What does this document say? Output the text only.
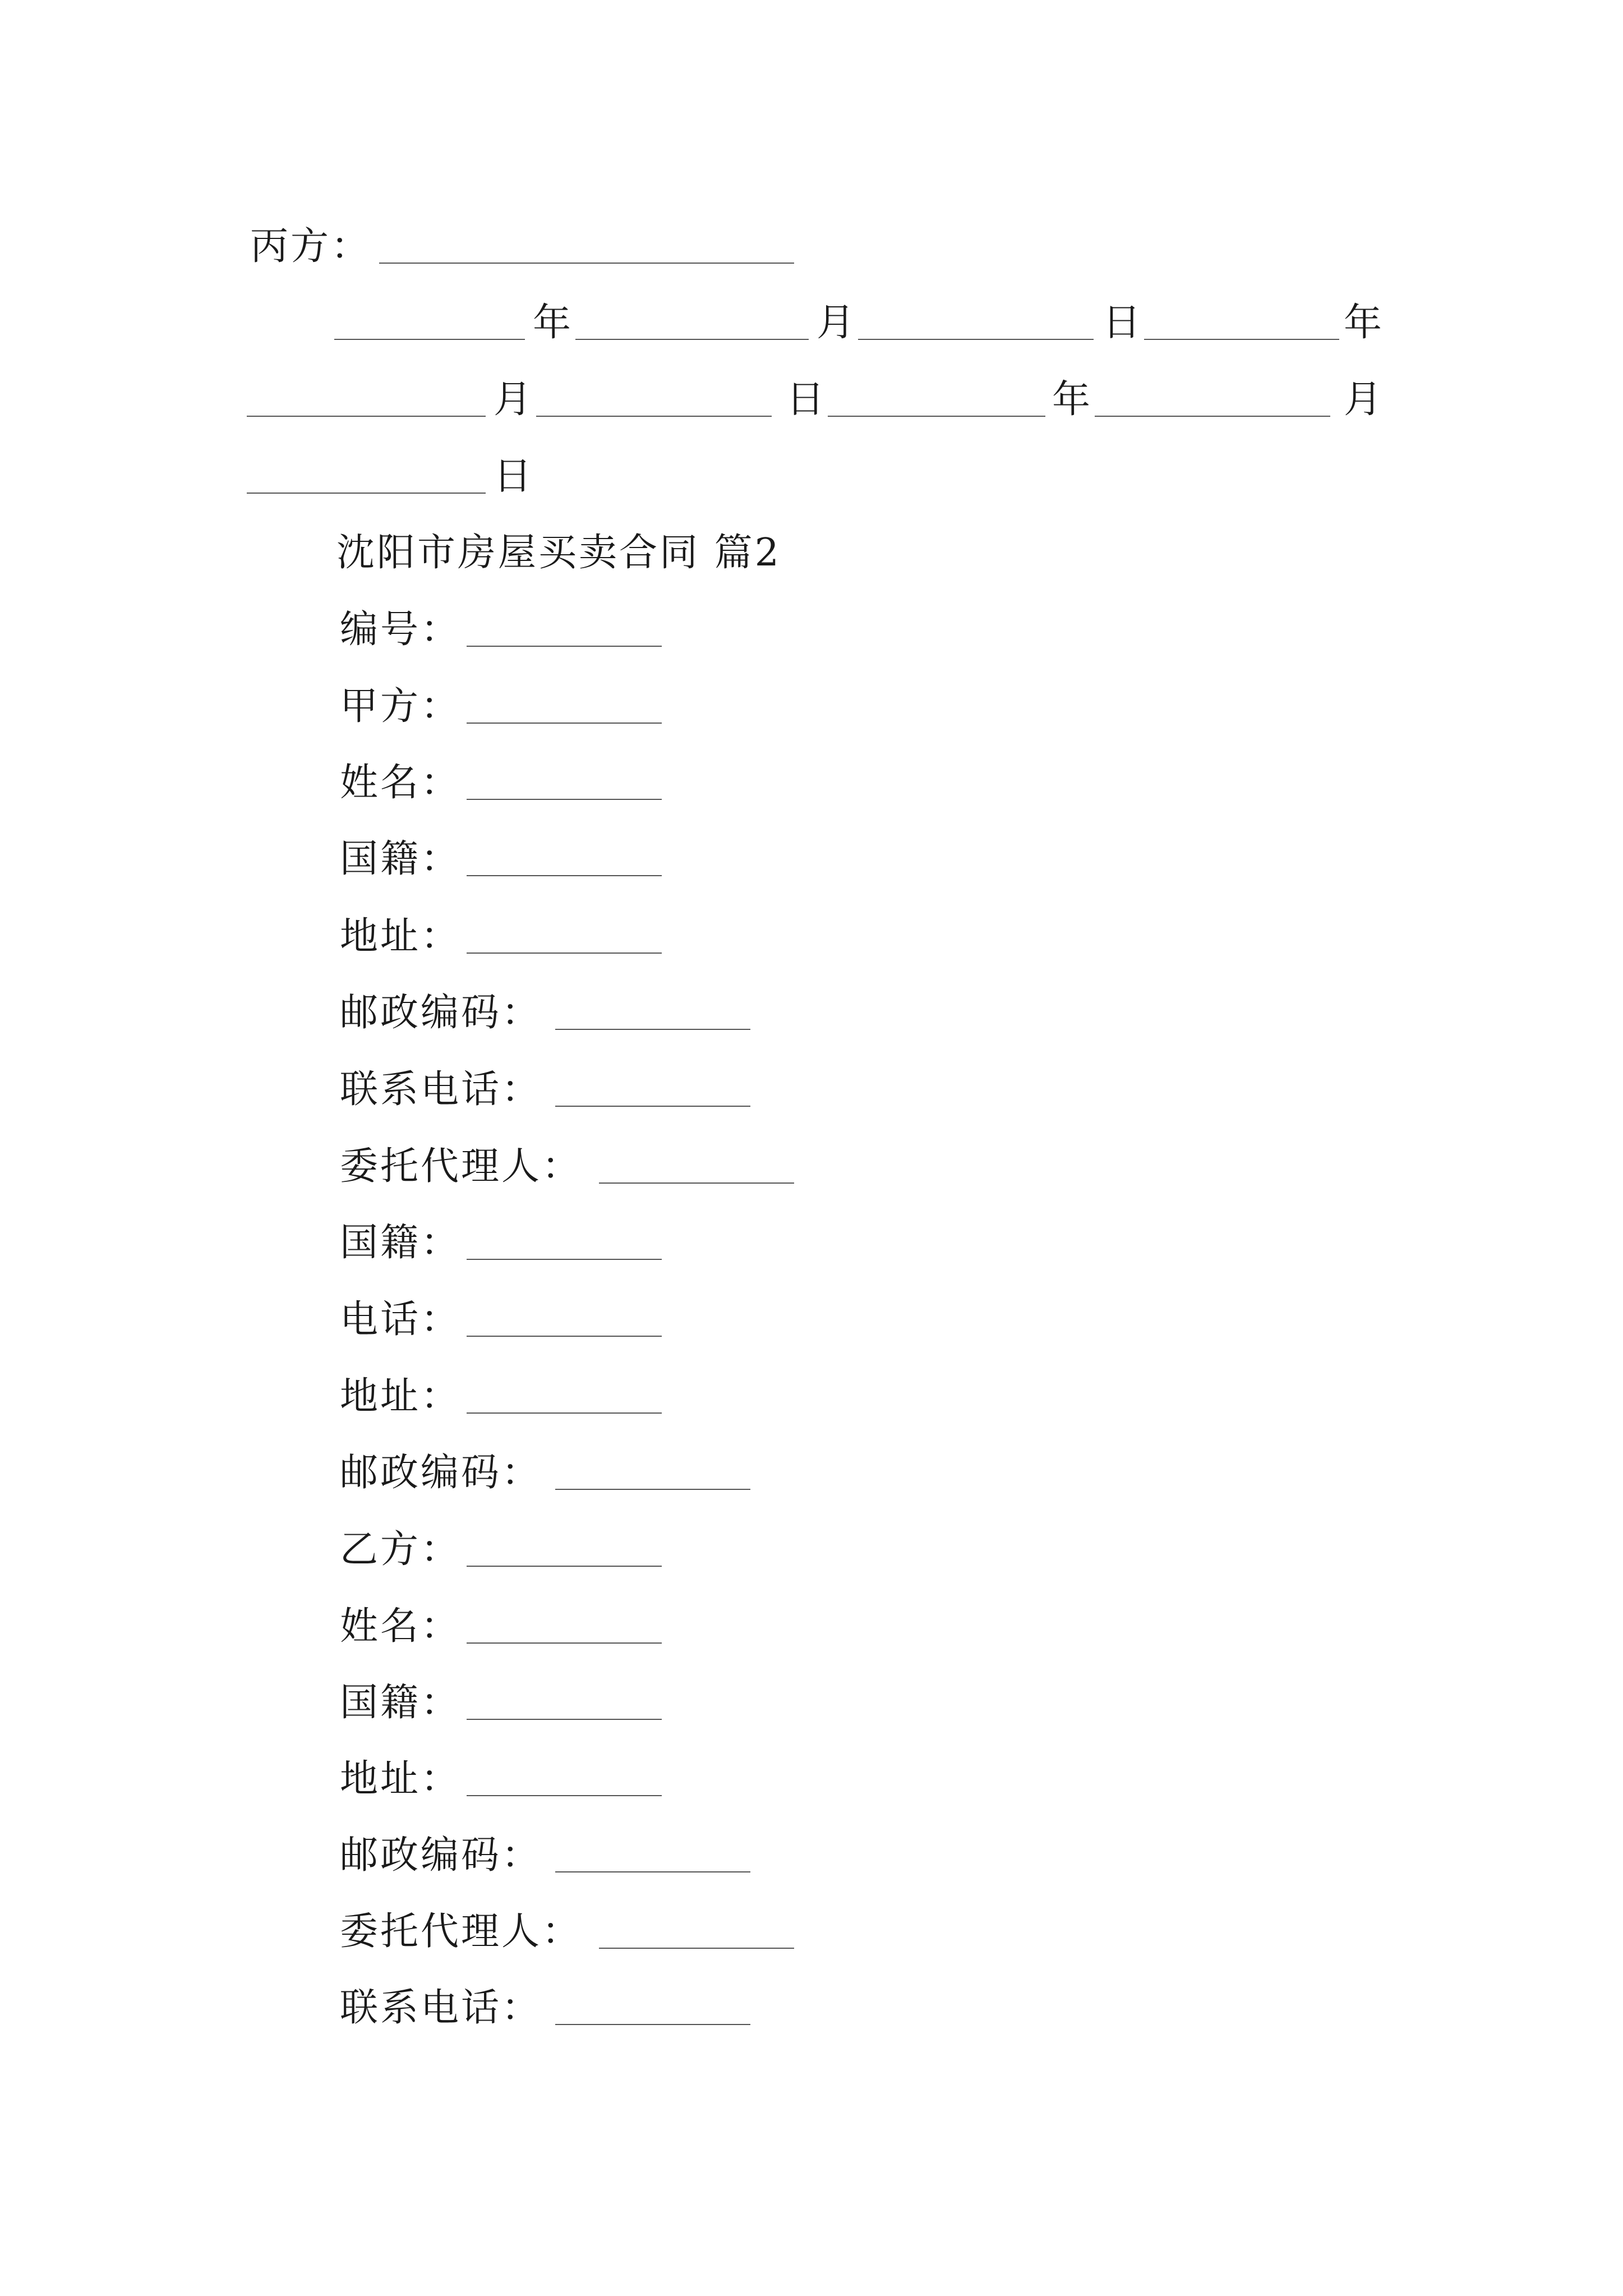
丙方：
年	月	日	年
月	日	年	月
日
沈阳市房屋买卖合同 篇2
编号：
甲方：
姓名：
国籍：
地址：
邮政编码：
联系电话：
委托代理人：
国籍：
电话：
地址：
邮政编码：
乙方：
姓名：
国籍：
地址：
邮政编码：
委托代理人：
联系电话：
